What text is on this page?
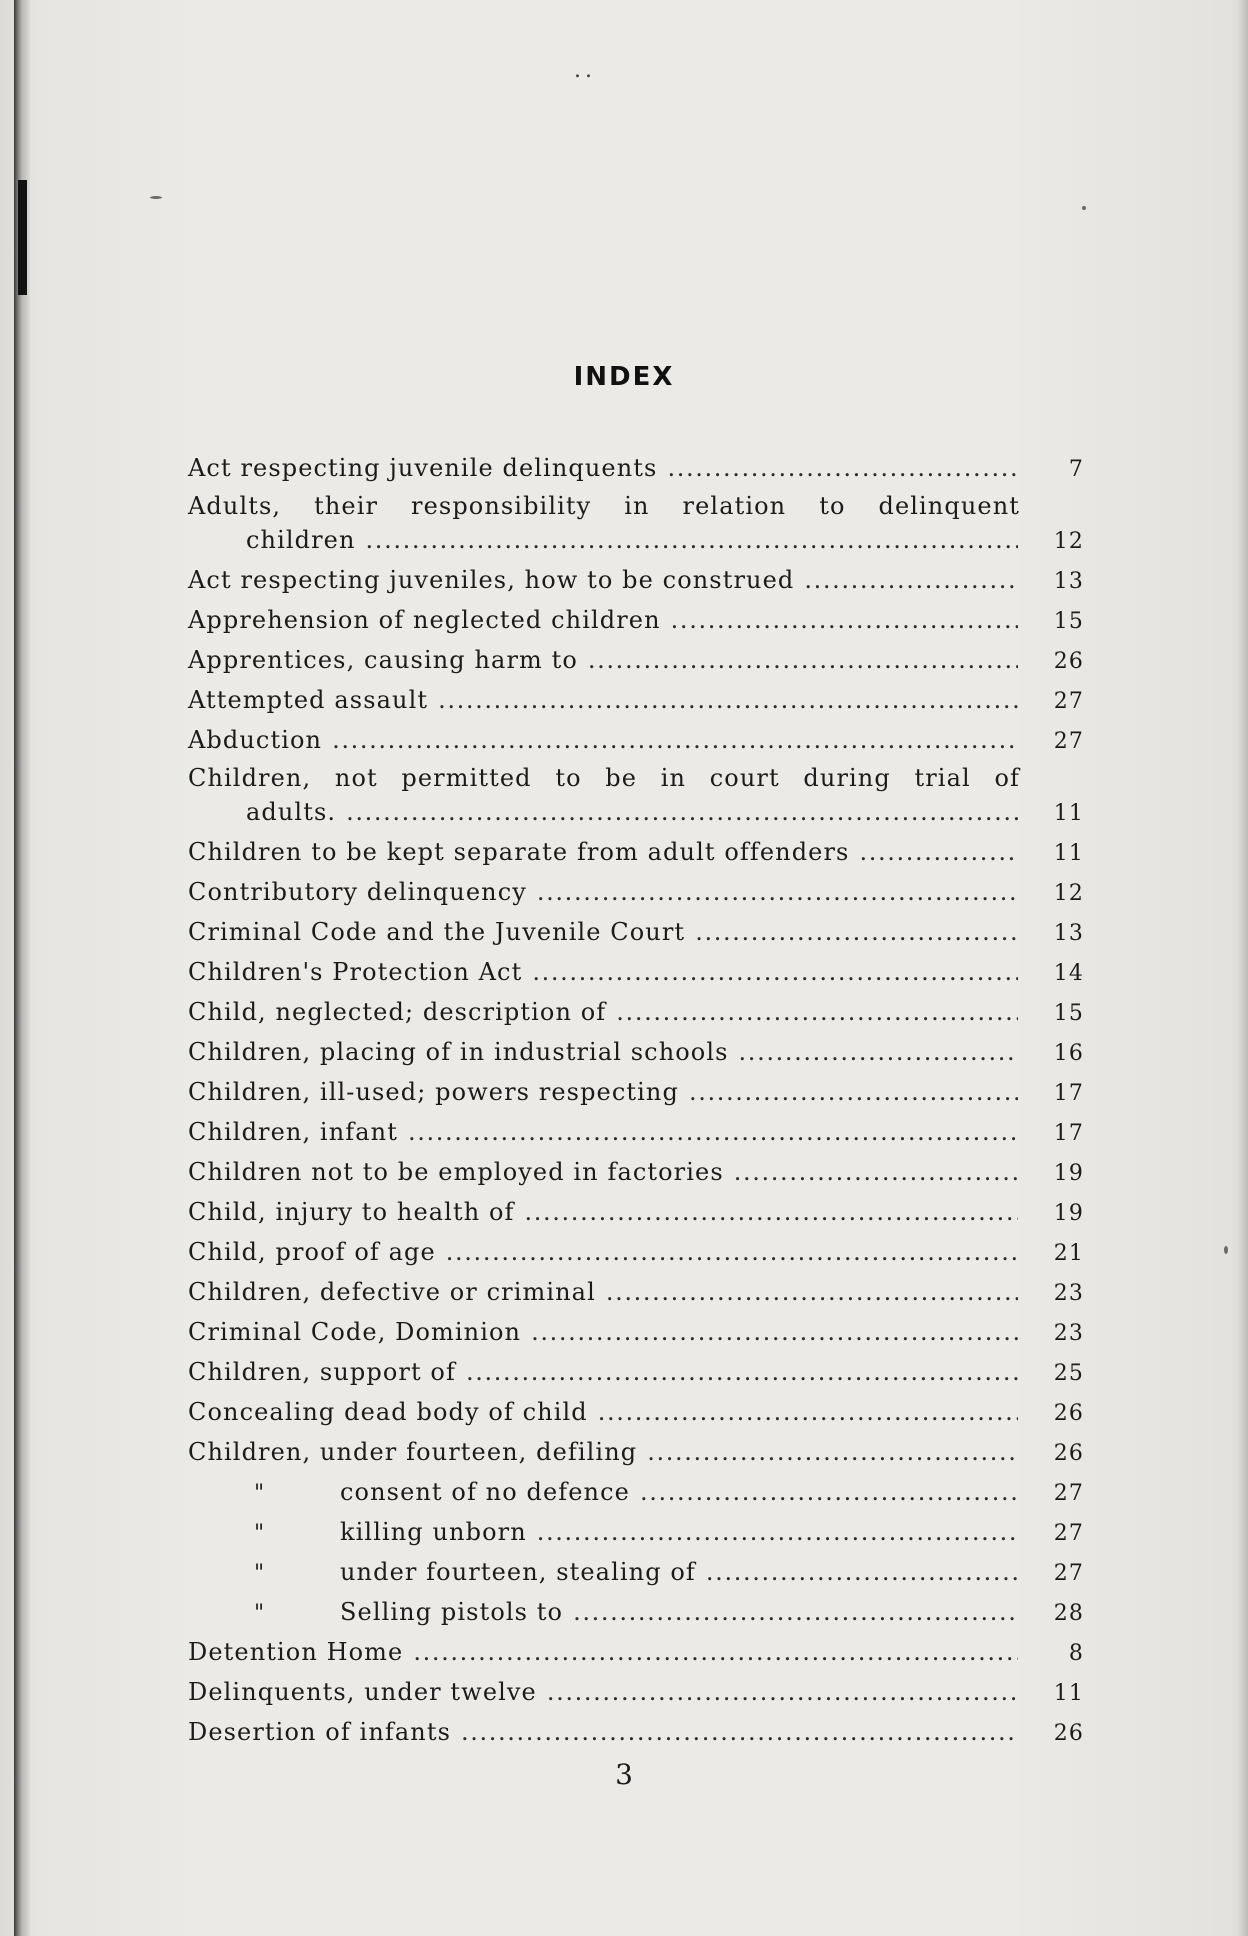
..
INDEX
Act respecting juvenile delinquents . . .	7
Adults, their responsibility in relation to delinquent
children . . .	12
Act respecting juveniles, how to be construed . . .	13
Apprehension of neglected children . . .	15
Apprentices, causing harm to . . .	26
Attempted assault . . .	27
Abduction . . .	27
Children, not permitted to be in court during trial of
adults. . . .	11
Children to be kept separate from adult offenders . . .	11
Contributory delinquency . . .	12
Criminal Code and the Juvenile Court . . .	13
Children's Protection Act . . .	14
Child, neglected; description of . . .	15
Children, placing of in industrial schools . . .	16
Children, ill-used; powers respecting . . .	17
Children, infant . . .	17
Children not to be employed in factories . . .	19
Child, injury to health of . . .	19
Child, proof of age . . .	21
Children, defective or criminal . . .	23
Criminal Code, Dominion . . .	23
Children, support of . . .	25
Concealing dead body of child . . .	26
Children, under fourteen, defiling . . .	26
"	consent of no defence . . .	27
"	killing unborn . . .	27
"	under fourteen, stealing of . . .	27
"	Selling pistols to . . .	28
Detention Home . . .	8
Delinquents, under twelve . . .	11
Desertion of infants . . .	26
3
